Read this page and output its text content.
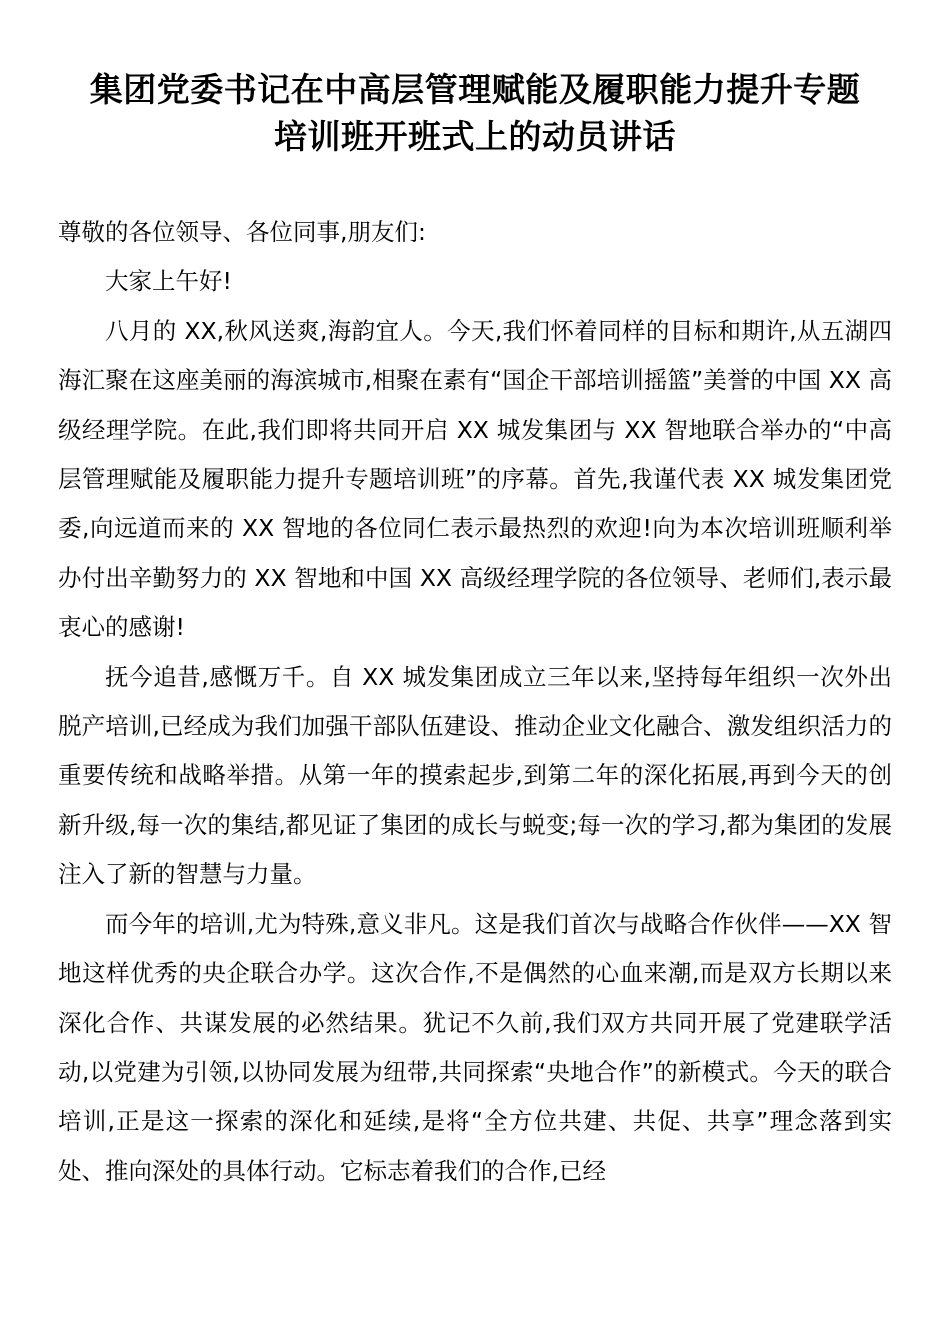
集团党委书记在中高层管理赋能及履职能力提升专题
培训班开班式上的动员讲话

尊敬的各位领导、各位同事,朋友们:

大家上午好!

八月的 XX,秋风送爽,海韵宜人。今天,我们怀着同样的目标和期许,从五湖四海汇聚在这座美丽的海滨城市,相聚在素有“国企干部培训摇篮”美誉的中国 XX 高级经理学院。在此,我们即将共同开启 XX 城发集团与 XX 智地联合举办的“中高层管理赋能及履职能力提升专题培训班”的序幕。首先,我谨代表 XX 城发集团党委,向远道而来的 XX 智地的各位同仁表示最热烈的欢迎!向为本次培训班顺利举办付出辛勤努力的 XX 智地和中国 XX 高级经理学院的各位领导、老师们,表示最衷心的感谢!

抚今追昔,感慨万千。自 XX 城发集团成立三年以来,坚持每年组织一次外出脱产培训,已经成为我们加强干部队伍建设、推动企业文化融合、激发组织活力的重要传统和战略举措。从第一年的摸索起步,到第二年的深化拓展,再到今天的创新升级,每一次的集结,都见证了集团的成长与蜕变;每一次的学习,都为集团的发展注入了新的智慧与力量。

而今年的培训,尤为特殊,意义非凡。这是我们首次与战略合作伙伴——XX 智地这样优秀的央企联合办学。这次合作,不是偶然的心血来潮,而是双方长期以来深化合作、共谋发展的必然结果。犹记不久前,我们双方共同开展了党建联学活动,以党建为引领,以协同发展为纽带,共同探索“央地合作”的新模式。今天的联合培训,正是这一探索的深化和延续,是将“全方位共建、共促、共享”理念落到实处、推向深处的具体行动。它标志着我们的合作,已经
